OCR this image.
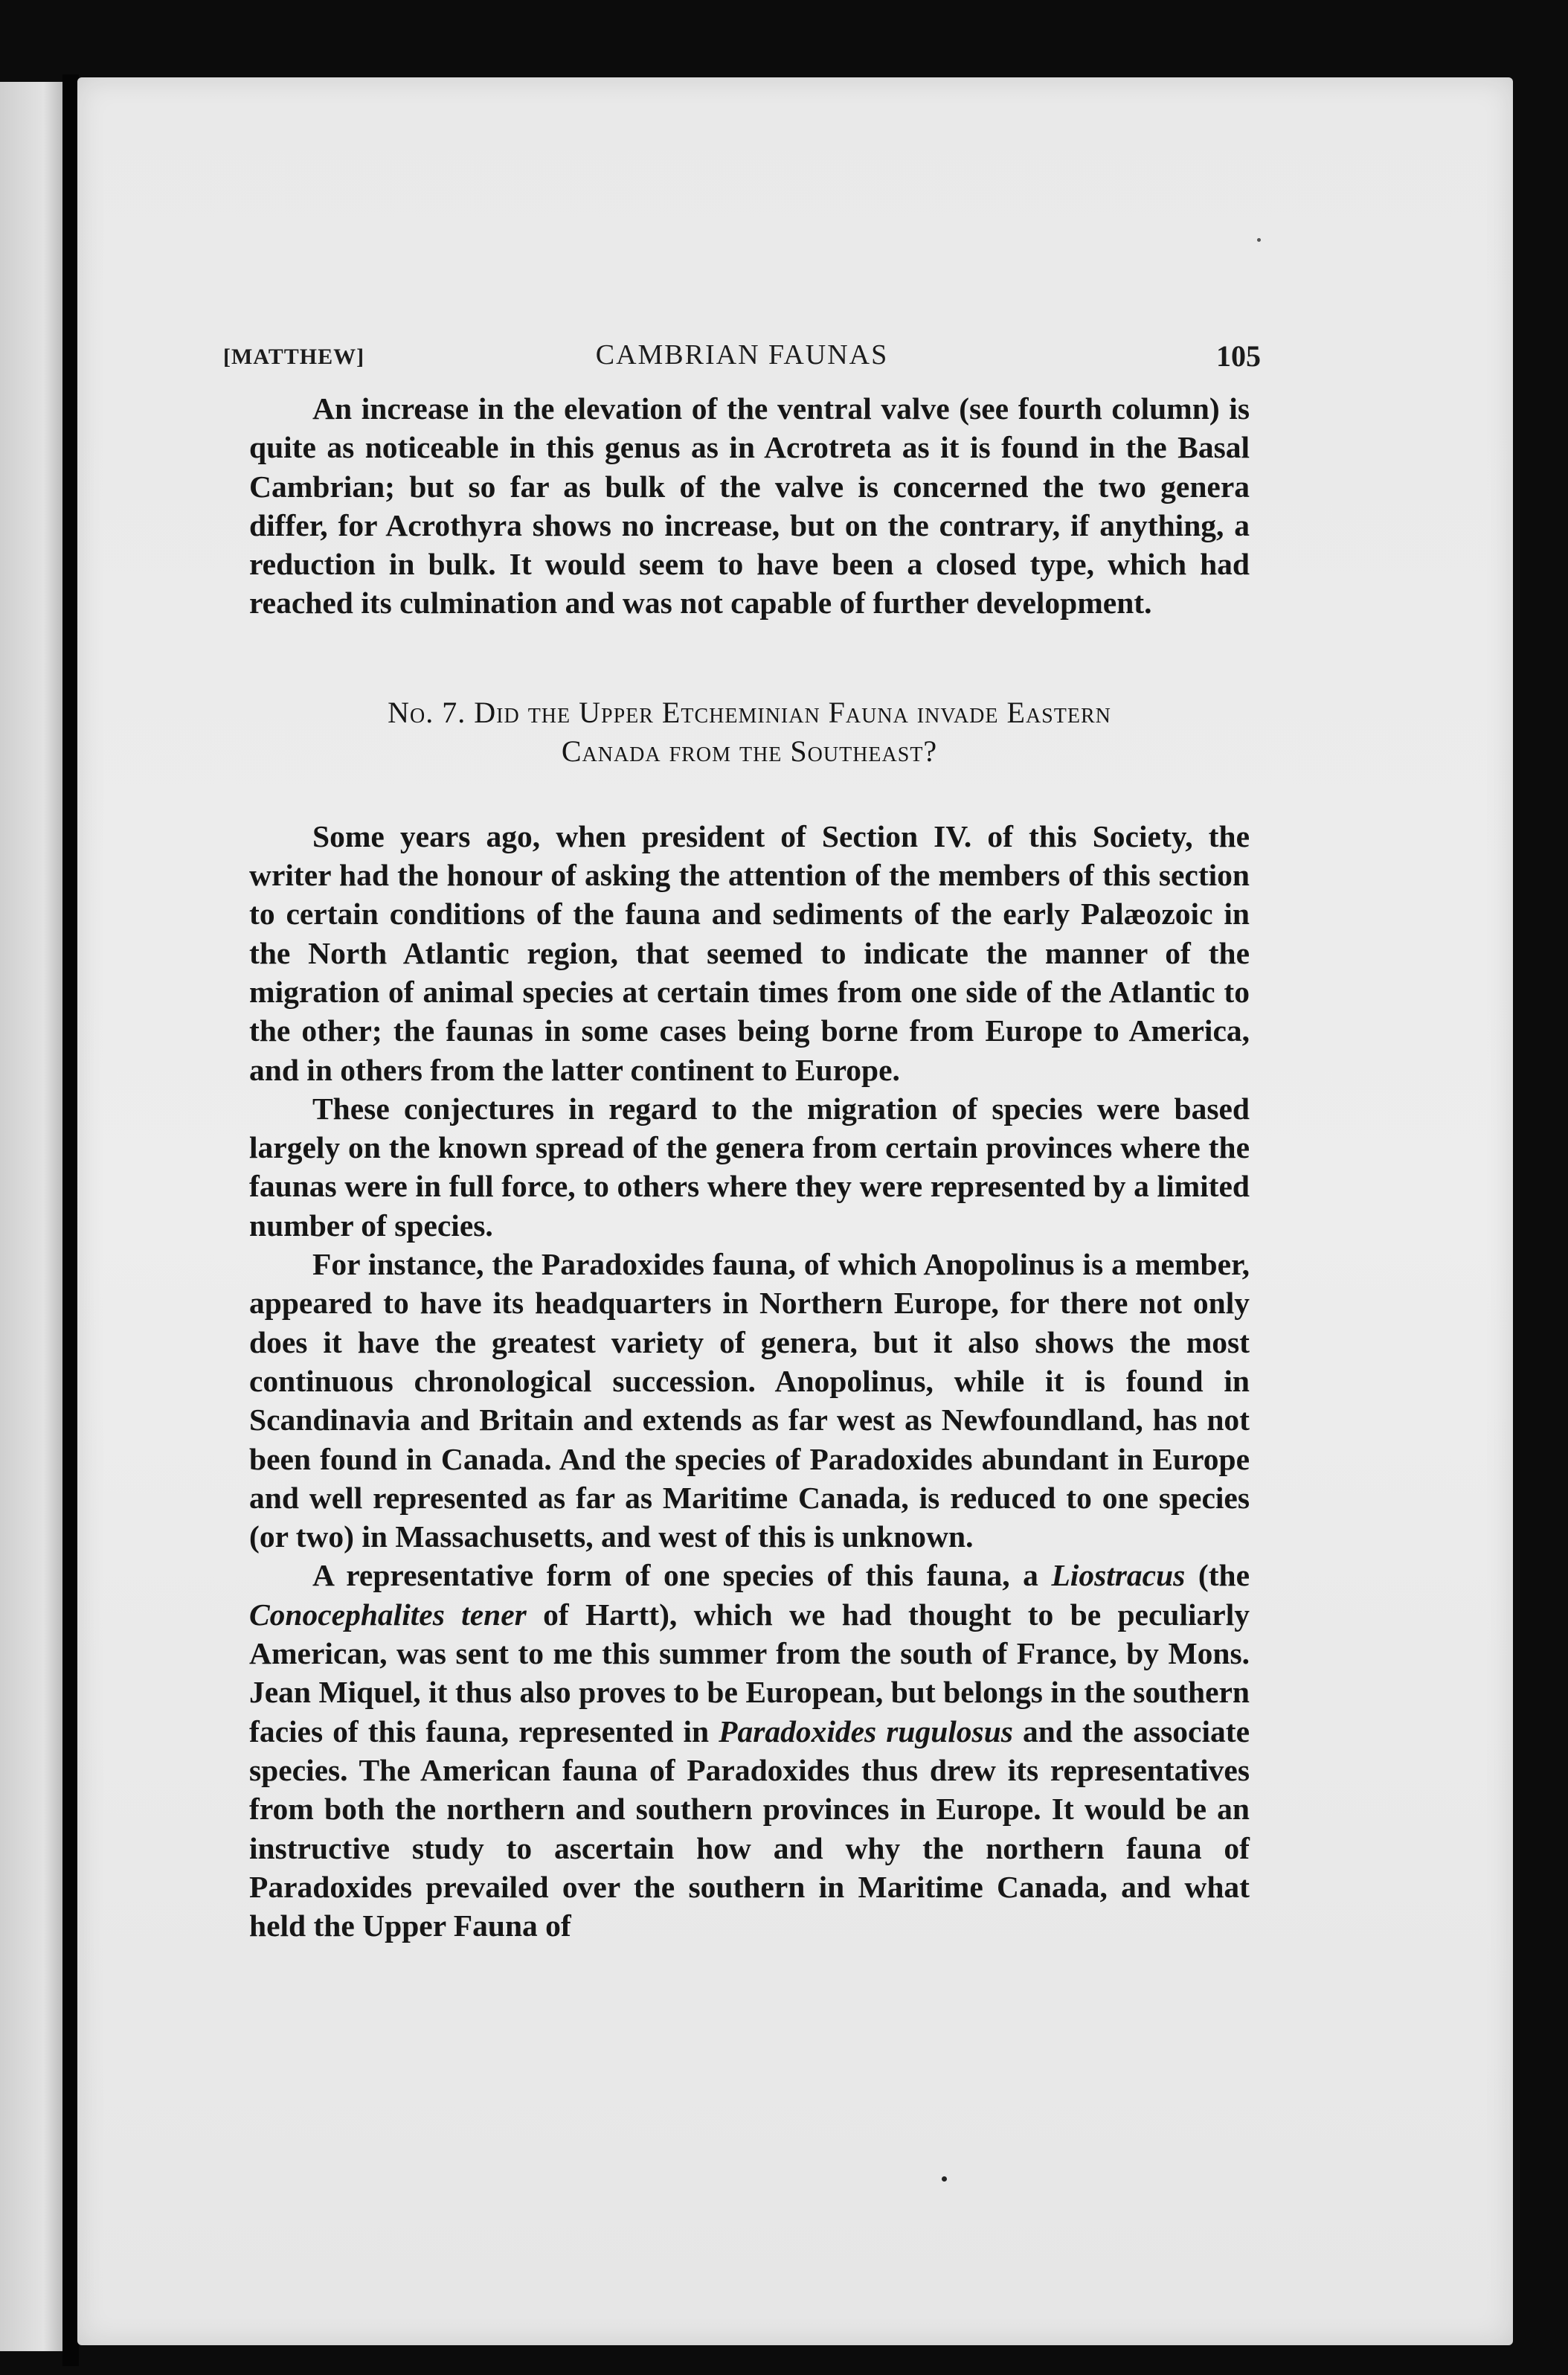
[MATTHEW]	CAMBRIAN FAUNAS	105

An increase in the elevation of the ventral valve (see fourth column) is quite as noticeable in this genus as in Acrotreta as it is found in the Basal Cambrian; but so far as bulk of the valve is concerned the two genera differ, for Acrothyra shows no increase, but on the contrary, if anything, a reduction in bulk. It would seem to have been a closed type, which had reached its culmination and was not capable of further development.

No. 7. Did the Upper Etcheminian Fauna invade Eastern
Canada from the Southeast?

Some years ago, when president of Section IV. of this Society, the writer had the honour of asking the attention of the members of this section to certain conditions of the fauna and sediments of the early Palæozoic in the North Atlantic region, that seemed to indicate the manner of the migration of animal species at certain times from one side of the Atlantic to the other; the faunas in some cases being borne from Europe to America, and in others from the latter continent to Europe.

These conjectures in regard to the migration of species were based largely on the known spread of the genera from certain provinces where the faunas were in full force, to others where they were represented by a limited number of species.

For instance, the Paradoxides fauna, of which Anopolinus is a member, appeared to have its headquarters in Northern Europe, for there not only does it have the greatest variety of genera, but it also shows the most continuous chronological succession. Anopolinus, while it is found in Scandinavia and Britain and extends as far west as Newfoundland, has not been found in Canada. And the species of Paradoxides abundant in Europe and well represented as far as Maritime Canada, is reduced to one species (or two) in Massachusetts, and west of this is unknown.

A representative form of one species of this fauna, a Liostracus (the Conocephalites tener of Hartt), which we had thought to be peculiarly American, was sent to me this summer from the south of France, by Mons. Jean Miquel, it thus also proves to be European, but belongs in the southern facies of this fauna, represented in Paradoxides rugulosus and the associate species. The American fauna of Paradoxides thus drew its representatives from both the northern and southern provinces in Europe. It would be an instructive study to ascertain how and why the northern fauna of Paradoxides prevailed over the southern in Maritime Canada, and what held the Upper Fauna of
